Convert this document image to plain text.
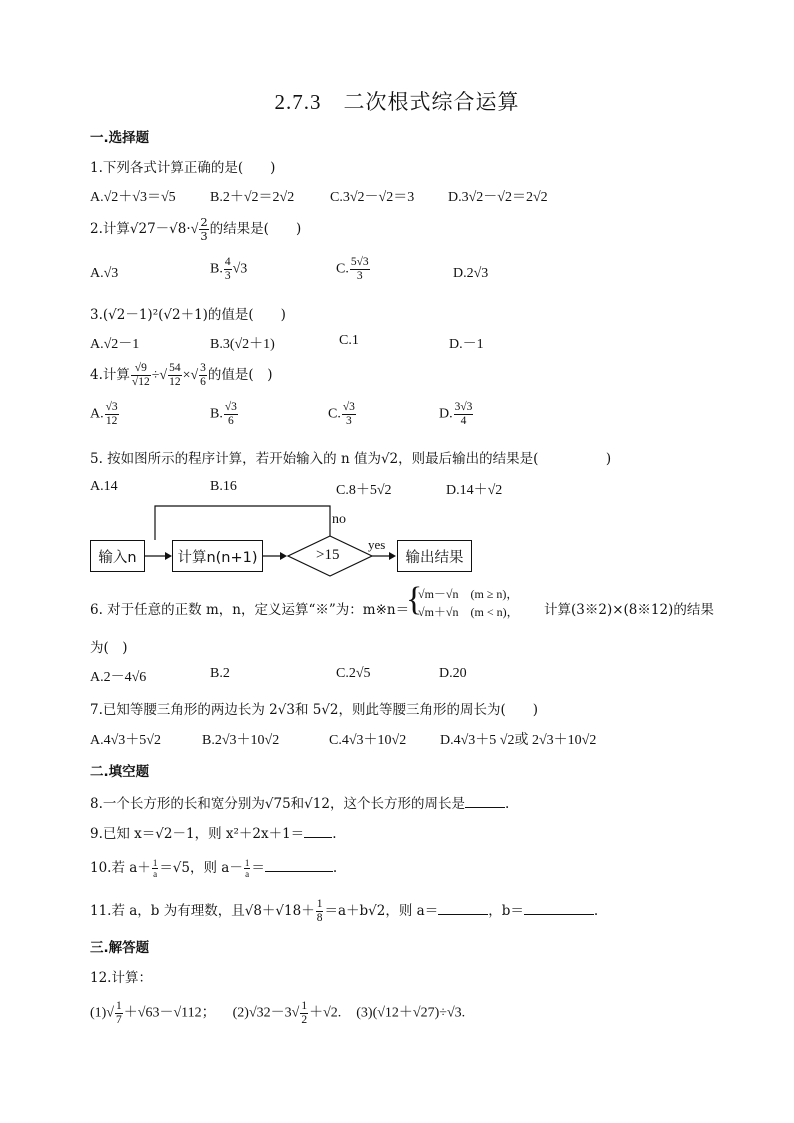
2.7.3　二次根式综合运算
一.选择题
1.下列各式计算正确的是(　　)
A.√2＋√3＝√5 B.2＋√2＝2√2	C.3√2－√2＝3 D.3√2－√2＝2√2
2.计算$√27-√8\cdot√ \frac{2}{3}$ 的结果是(　　)
A.√3	B. $\frac{4}{3} √3$	C. $\frac{5√3}{3}$	D.2√3
3.(√2－1)²(√2＋1)的值是(　　)
A.√2－1	B.3(√2＋1)	C.1	D.－1
4.计算 $\frac{√9}{√12}$ ÷√ $\frac{54}{12}$ ×√ $\frac{3}{6}$ 的值是(　)
A. $\frac{√3}{12}$	B. $\frac{√3}{6}$	C. $\frac{√3}{3}$	D. $\frac{3√3}{4}$
5. 按如图所示的程序计算，若开始输入的 n 值为√2，则最后输出的结果是(　　　　　)
A.14	B.16	C.8＋5√2	D.14＋√2
输入n	计算n(n+1)	>15	输出结果
no
yes
6. 对于任意的正数 m，n，定义运算“※”为：m※n＝
{
√m－√n　(m ≥ n)，
√m＋√n　(m < n)， 计算(3※2)×(8※12)的结果
为(　)
A.2－4√6	B.2	C.2√5	D.20
7.已知等腰三角形的两边长为 2√3和 5√2，则此等腰三角形的周长为(　　)
A.4√3＋5√2	B.2√3＋10√2	C.4√3＋10√2 D.4√3＋5 √2或 2√3＋10√2
二.填空题
8.一个长方形的长和宽分别为√75和√12，这个长方形的周长是	.
9.已知 x＝√2－1，则 x²＋2x＋1＝ .
10.若 $a+ \frac{1}{a} =√5$，则 $a- \frac{1}{a}$ ＝	.
11.若 a，b 为有理数，且$√8+√18+ \frac{1}{8} =a+b√2$，则 a＝	，b＝	.
三.解答题
12.计算：
$(1)√ \frac{1}{7} +√63-√112$； $(2)√32-3√ \frac{1}{2} +√2$. (3)(√12＋√27)÷√3.
